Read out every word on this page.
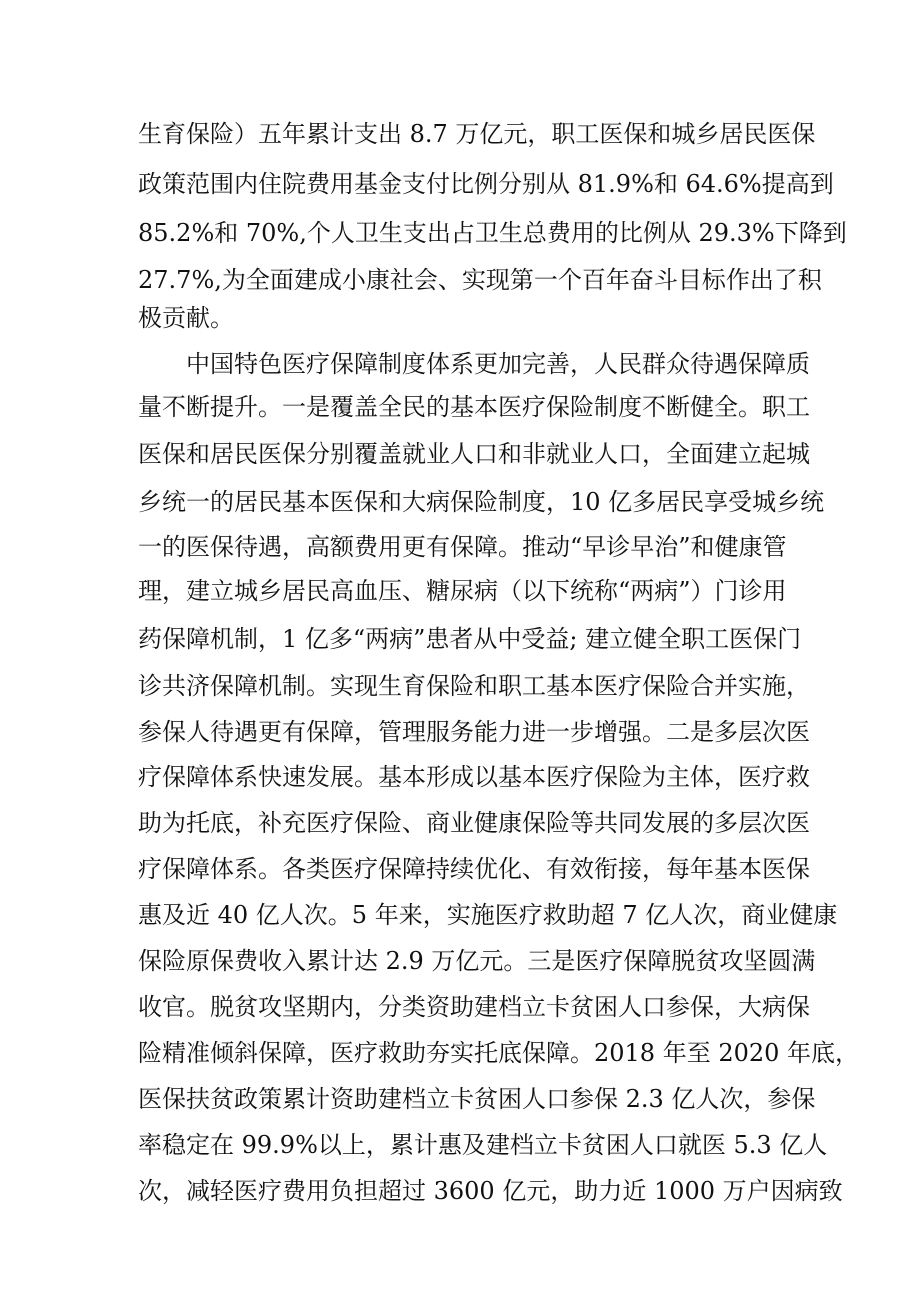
生育保险）五年累计支出 8.7 万亿元，职工医保和城乡居民医保
政策范围内住院费用基金支付比例分别从 81.9%和 64.6%提高到
85.2%和 70%,个人卫生支出占卫生总费用的比例从 29.3%下降到
27.7%,为全面建成小康社会、实现第一个百年奋斗目标作出了积
极贡献。
中国特色医疗保障制度体系更加完善，人民群众待遇保障质
量不断提升。一是覆盖全民的基本医疗保险制度不断健全。职工
医保和居民医保分别覆盖就业人口和非就业人口，全面建立起城
乡统一的居民基本医保和大病保险制度，10 亿多居民享受城乡统
一的医保待遇，高额费用更有保障。推动“早诊早治”和健康管
理，建立城乡居民高血压、糖尿病（以下统称“两病”）门诊用
药保障机制，1 亿多“两病”患者从中受益; 建立健全职工医保门
诊共济保障机制。实现生育保险和职工基本医疗保险合并实施，
参保人待遇更有保障，管理服务能力进一步增强。二是多层次医
疗保障体系快速发展。基本形成以基本医疗保险为主体，医疗救
助为托底，补充医疗保险、商业健康保险等共同发展的多层次医
疗保障体系。各类医疗保障持续优化、有效衔接，每年基本医保
惠及近 40 亿人次。5 年来，实施医疗救助超 7 亿人次，商业健康
保险原保费收入累计达 2.9 万亿元。三是医疗保障脱贫攻坚圆满
收官。脱贫攻坚期内，分类资助建档立卡贫困人口参保，大病保
险精准倾斜保障，医疗救助夯实托底保障。2018 年至 2020 年底，
医保扶贫政策累计资助建档立卡贫困人口参保 2.3 亿人次，参保
率稳定在 99.9%以上，累计惠及建档立卡贫困人口就医 5.3 亿人
次，减轻医疗费用负担超过 3600 亿元，助力近 1000 万户因病致
